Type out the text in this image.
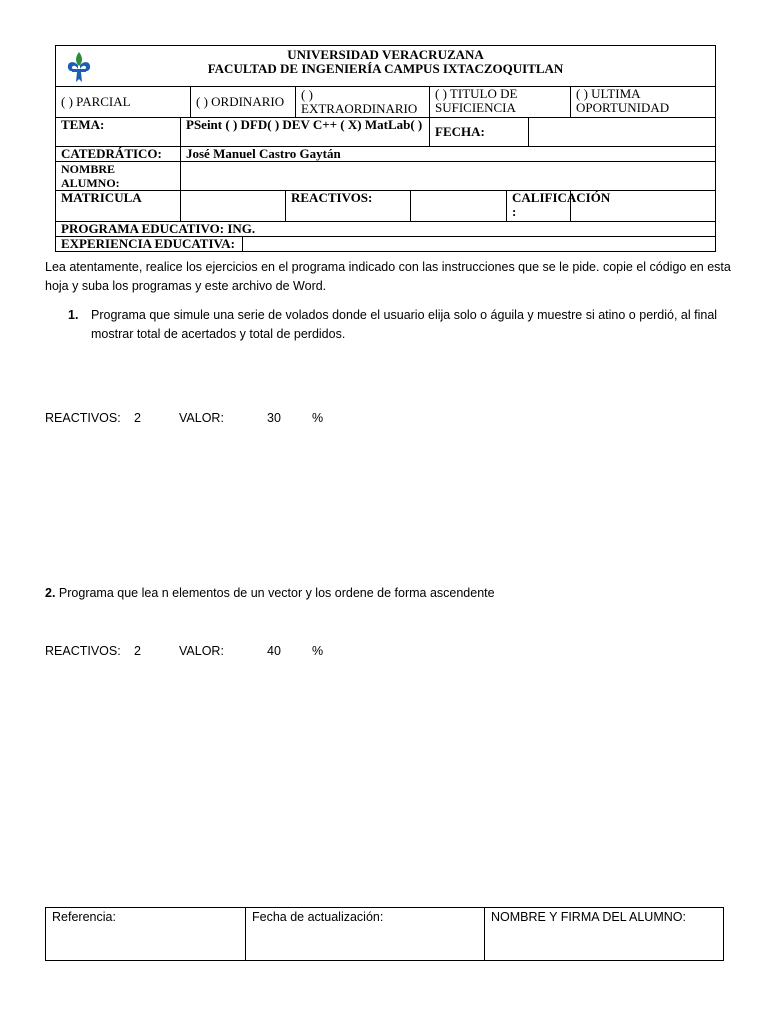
UNIVERSIDAD VERACRUZANA
FACULTAD DE INGENIERÍA CAMPUS IXTACZOQUITLAN										

( ) PARCIAL		( ) ORDINARIO			( ) EXTRAORDINARIO		( ) TITULO DE SUFICIENCIA			( ) ULTIMA OPORTUNIDAD
TEMA:	PSeint ( ) DFD( ) DEV C++ ( X) MatLab( )						FECHA:			
CATEDRÁTICO:	José Manuel Castro Gaytán									
NOMBRE ALUMNO:										
MATRICULA				REACTIVOS:				CALIFICACIÓN :		
PROGRAMA EDUCATIVO: ING.										
EXPERIENCIA EDUCATIVA:										
Lea atentamente, realice los ejercicios en el programa indicado con las instrucciones que se le pide. copie el código en esta hoja y suba los programas y este archivo de Word.
1. Programa que simule una serie de volados donde el usuario elija solo o águila y muestre si atino o perdió, al final mostrar total de acertados y total de perdidos.
REACTIVOS: 2	VALOR:	30 %
2. Programa que lea n elementos de un vector y los ordene de forma ascendente
REACTIVOS: 2	VALOR:	40 %
Referencia:	Fecha de actualización:	NOMBRE Y FIRMA DEL ALUMNO:
